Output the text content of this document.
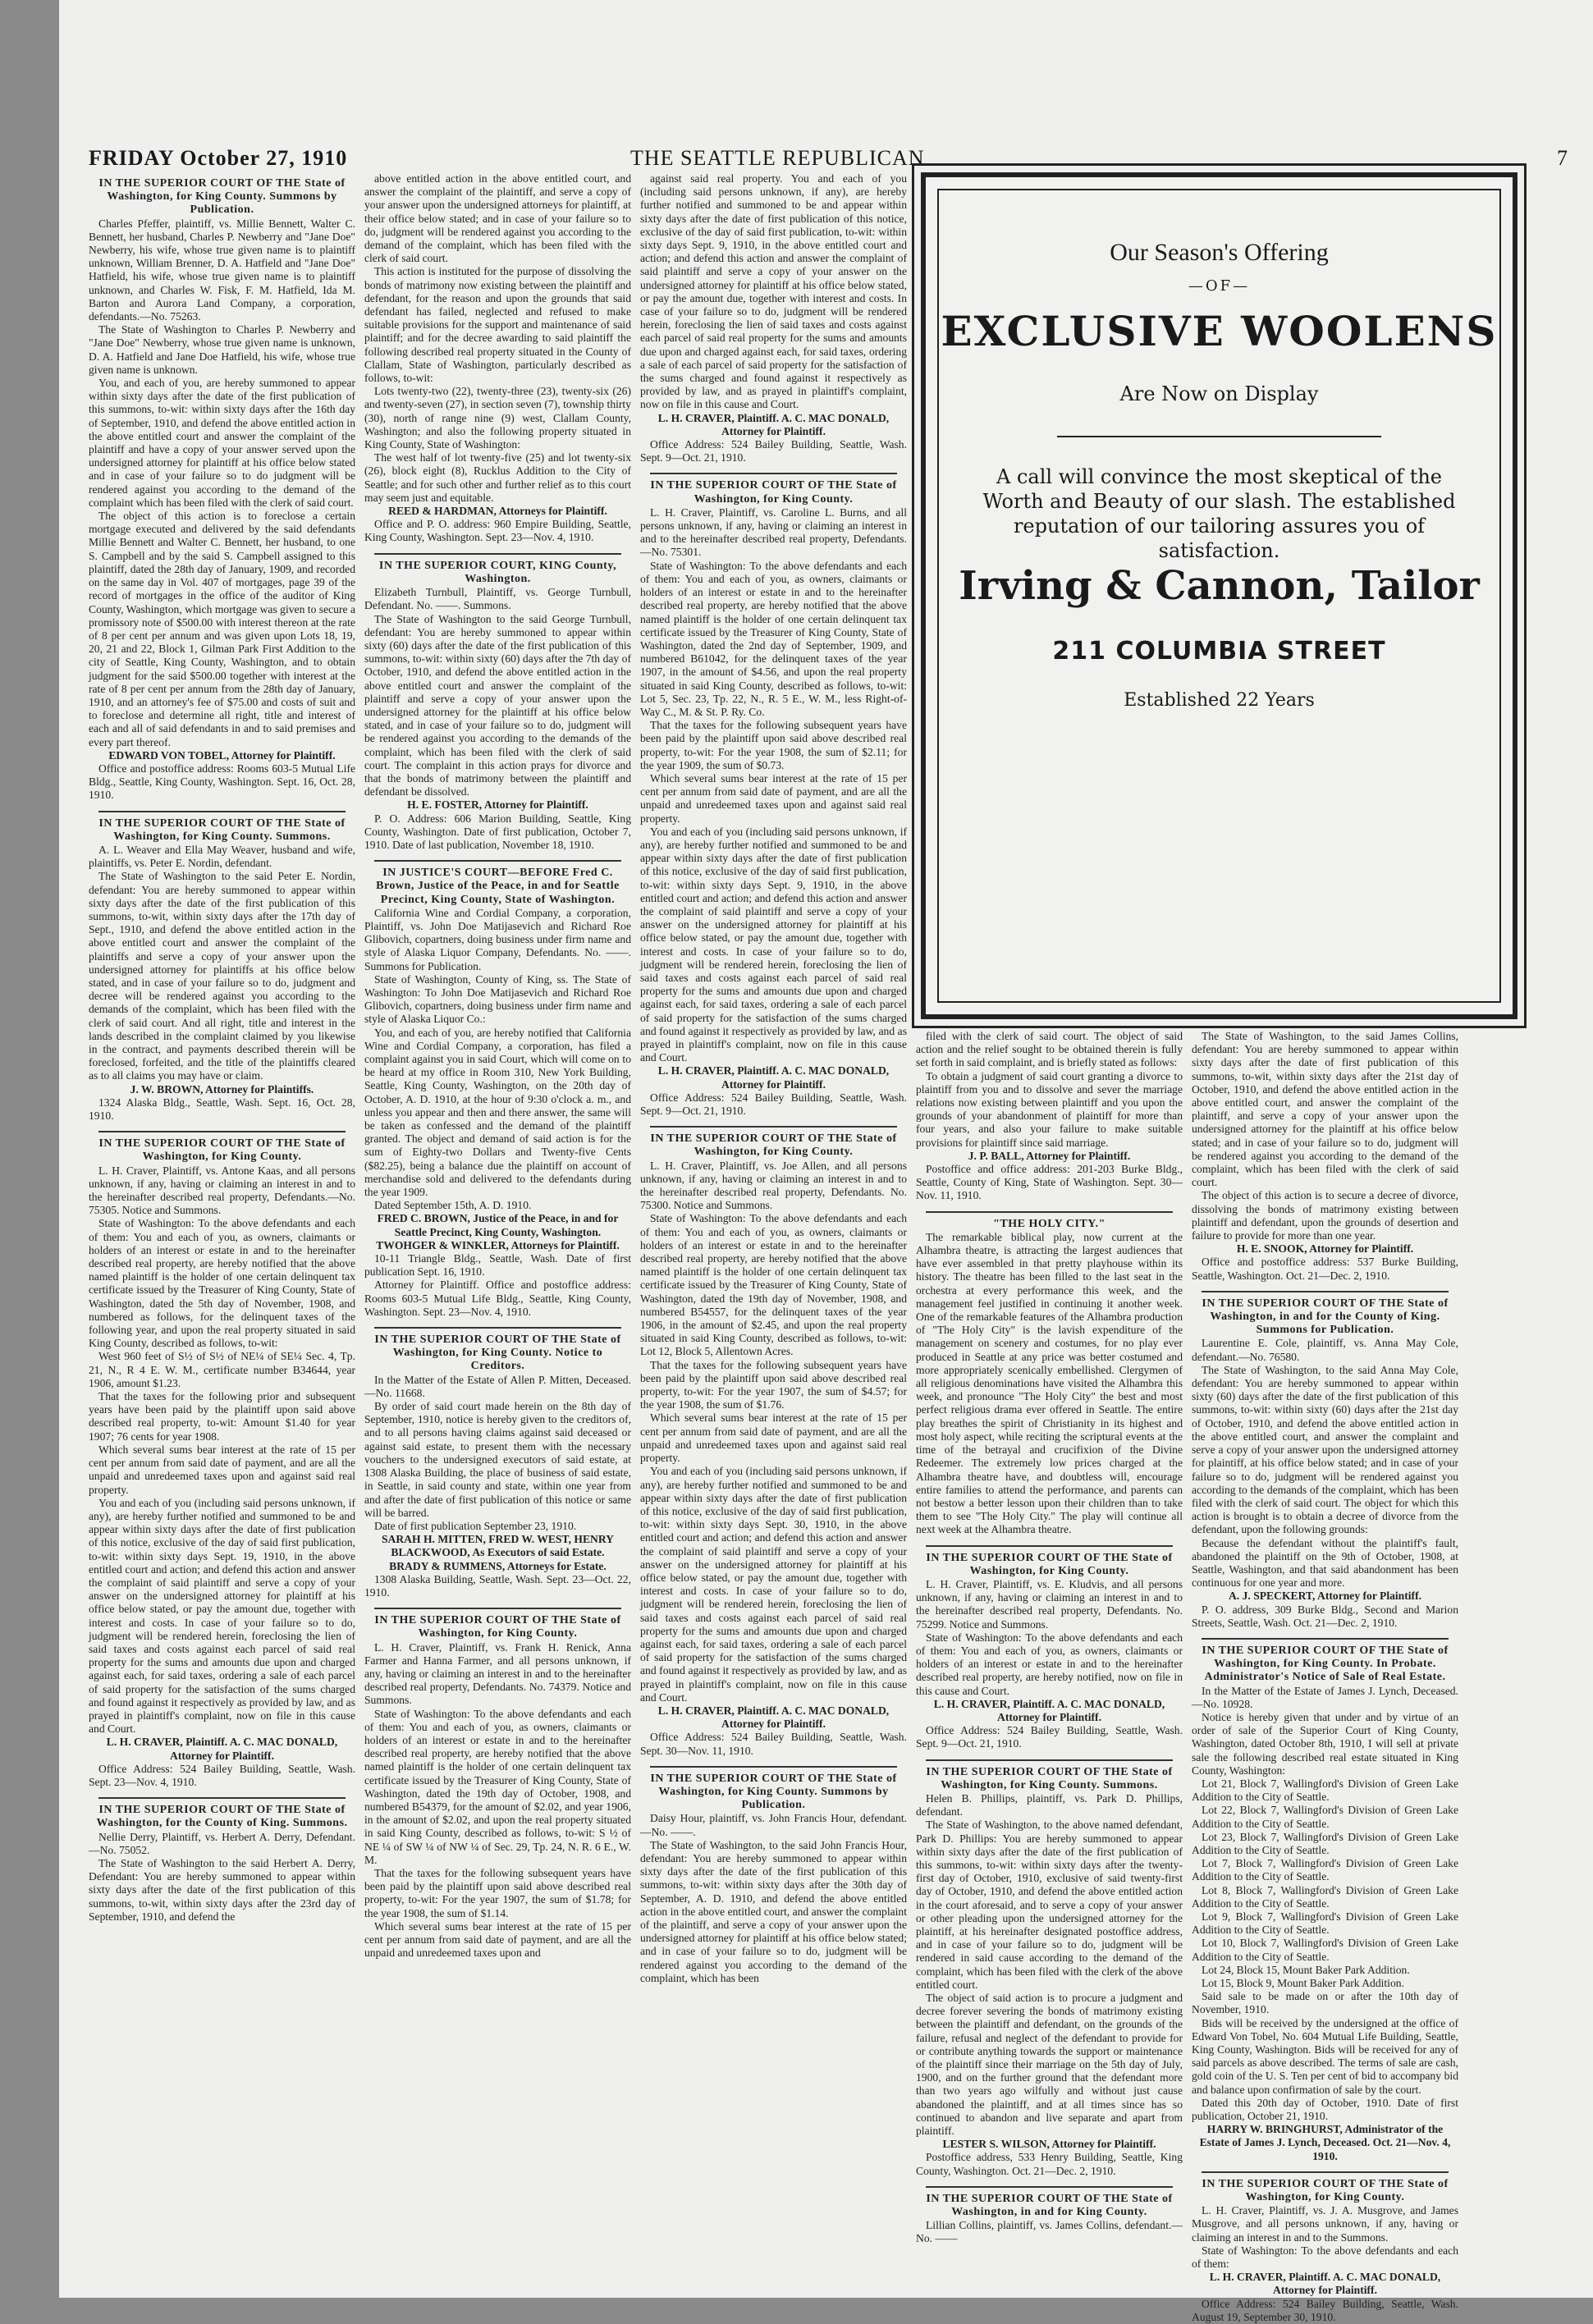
FRIDAY October 27, 1910	THE SEATTLE REPUBLICAN	7

IN THE SUPERIOR COURT OF THE State of Washington, for King County. Summons by Publication.

Charles Pfeffer, plaintiff, vs. Millie Bennett, Walter C. Bennett, her husband, Charles P. Newberry and "Jane Doe" Newberry, his wife, whose true given name is to plaintiff unknown, William Brenner, D. A. Hatfield and "Jane Doe" Hatfield, his wife, whose true given name is to plaintiff unknown, and Charles W. Fisk, F. M. Hatfield, Ida M. Barton and Aurora Land Company, a corporation, defendants.—No. 75263.

The State of Washington to Charles P. Newberry and "Jane Doe" Newberry, whose true given name is unknown, D. A. Hatfield and Jane Doe Hatfield, his wife, whose true given name is unknown.

You, and each of you, are hereby summoned to appear within sixty days after the date of the first publication of this summons, to-wit: within sixty days after the 16th day of September, 1910, and defend the above entitled action in the above entitled court and answer the complaint of the plaintiff and have a copy of your answer served upon the undersigned attorney for plaintiff at his office below stated and in case of your failure so to do judgment will be rendered against you according to the demand of the complaint which has been filed with the clerk of said court.

The object of this action is to foreclose a certain mortgage executed and delivered by the said defendants Millie Bennett and Walter C. Bennett, her husband, to one S. Campbell and by the said S. Campbell assigned to this plaintiff, dated the 28th day of January, 1909, and recorded on the same day in Vol. 407 of mortgages, page 39 of the record of mortgages in the office of the auditor of King County, Washington, which mortgage was given to secure a promissory note of $500.00 with interest thereon at the rate of 8 per cent per annum and was given upon Lots 18, 19, 20, 21 and 22, Block 1, Gilman Park First Addition to the city of Seattle, King County, Washington, and to obtain judgment for the said $500.00 together with interest at the rate of 8 per cent per annum from the 28th day of January, 1910, and an attorney's fee of $75.00 and costs of suit and to foreclose and determine all right, title and interest of each and all of said defendants in and to said premises and every part thereof.

EDWARD VON TOBEL, Attorney for Plaintiff.

Office and postoffice address: Rooms 603-5 Mutual Life Bldg., Seattle, King County, Washington. Sept. 16, Oct. 28, 1910.

IN THE SUPERIOR COURT OF THE State of Washington, for King County. Summons.

A. L. Weaver and Ella May Weaver, husband and wife, plaintiffs, vs. Peter E. Nordin, defendant.

The State of Washington to the said Peter E. Nordin, defendant: You are hereby summoned to appear within sixty days after the date of the first publication of this summons, to-wit, within sixty days after the 17th day of Sept., 1910, and defend the above entitled action in the above entitled court and answer the complaint of the plaintiffs and serve a copy of your answer upon the undersigned attorney for plaintiffs at his office below stated, and in case of your failure so to do, judgment and decree will be rendered against you according to the demands of the complaint, which has been filed with the clerk of said court. And all right, title and interest in the lands described in the complaint claimed by you likewise in the contract, and payments described therein will be foreclosed, forfeited, and the title of the plaintiffs cleared as to all claims you may have or claim.

J. W. BROWN, Attorney for Plaintiffs.

1324 Alaska Bldg., Seattle, Wash. Sept. 16, Oct. 28, 1910.

IN THE SUPERIOR COURT OF THE State of Washington, for King County.

L. H. Craver, Plaintiff, vs. Antone Kaas, and all persons unknown, if any, having or claiming an interest in and to the hereinafter described real property, Defendants.—No. 75305. Notice and Summons.

State of Washington: To the above defendants and each of them: You and each of you, as owners, claimants or holders of an interest or estate in and to the hereinafter described real property, are hereby notified that the above named plaintiff is the holder of one certain delinquent tax certificate issued by the Treasurer of King County, State of Washington, dated the 5th day of November, 1908, and numbered as follows, for the delinquent taxes of the following year, and upon the real property situated in said King County, described as follows, to-wit:

West 960 feet of S½ of S½ of NE¼ of SE¼ Sec. 4, Tp. 21, N., R 4 E. W. M., certificate number B34644, year 1906, amount $1.23.

That the taxes for the following prior and subsequent years have been paid by the plaintiff upon said above described real property, to-wit: Amount $1.40 for year 1907; 76 cents for year 1908.

Which several sums bear interest at the rate of 15 per cent per annum from said date of payment, and are all the unpaid and unredeemed taxes upon and against said real property.

You and each of you (including said persons unknown, if any), are hereby further notified and summoned to be and appear within sixty days after the date of first publication of this notice, exclusive of the day of said first publication, to-wit: within sixty days Sept. 19, 1910, in the above entitled court and action; and defend this action and answer the complaint of said plaintiff and serve a copy of your answer on the undersigned attorney for plaintiff at his office below stated, or pay the amount due, together with interest and costs. In case of your failure so to do, judgment will be rendered herein, foreclosing the lien of said taxes and costs against each parcel of said real property for the sums and amounts due upon and charged against each, for said taxes, ordering a sale of each parcel of said property for the satisfaction of the sums charged and found against it respectively as provided by law, and as prayed in plaintiff's complaint, now on file in this cause and Court.

L. H. CRAVER, Plaintiff. A. C. MAC DONALD, Attorney for Plaintiff.

Office Address: 524 Bailey Building, Seattle, Wash. Sept. 23—Nov. 4, 1910.

IN THE SUPERIOR COURT OF THE State of Washington, for the County of King. Summons.

Nellie Derry, Plaintiff, vs. Herbert A. Derry, Defendant.—No. 75052.

The State of Washington to the said Herbert A. Derry, Defendant: You are hereby summoned to appear within sixty days after the date of the first publication of this summons, to-wit, within sixty days after the 23rd day of September, 1910, and defend the

above entitled action in the above entitled court, and answer the complaint of the plaintiff, and serve a copy of your answer upon the undersigned attorneys for plaintiff, at their office below stated; and in case of your failure so to do, judgment will be rendered against you according to the demand of the complaint, which has been filed with the clerk of said court.

This action is instituted for the purpose of dissolving the bonds of matrimony now existing between the plaintiff and defendant, for the reason and upon the grounds that said defendant has failed, neglected and refused to make suitable provisions for the support and maintenance of said plaintiff; and for the decree awarding to said plaintiff the following described real property situated in the County of Clallam, State of Washington, particularly described as follows, to-wit:

Lots twenty-two (22), twenty-three (23), twenty-six (26) and twenty-seven (27), in section seven (7), township thirty (30), north of range nine (9) west, Clallam County, Washington; and also the following property situated in King County, State of Washington:

The west half of lot twenty-five (25) and lot twenty-six (26), block eight (8), Rucklus Addition to the City of Seattle; and for such other and further relief as to this court may seem just and equitable.

REED & HARDMAN, Attorneys for Plaintiff.

Office and P. O. address: 960 Empire Building, Seattle, King County, Washington. Sept. 23—Nov. 4, 1910.

IN THE SUPERIOR COURT, KING County, Washington.

Elizabeth Turnbull, Plaintiff, vs. George Turnbull, Defendant. No. ——. Summons.

The State of Washington to the said George Turnbull, defendant: You are hereby summoned to appear within sixty (60) days after the date of the first publication of this summons, to-wit: within sixty (60) days after the 7th day of October, 1910, and defend the above entitled action in the above entitled court and answer the complaint of the plaintiff and serve a copy of your answer upon the undersigned attorney for the plaintiff at his office below stated, and in case of your failure so to do, judgment will be rendered against you according to the demands of the complaint, which has been filed with the clerk of said court. The complaint in this action prays for divorce and that the bonds of matrimony between the plaintiff and defendant be dissolved.

H. E. FOSTER, Attorney for Plaintiff.

P. O. Address: 606 Marion Building, Seattle, King County, Washington. Date of first publication, October 7, 1910. Date of last publication, November 18, 1910.

IN JUSTICE'S COURT—BEFORE Fred C. Brown, Justice of the Peace, in and for Seattle Precinct, King County, State of Washington.

California Wine and Cordial Company, a corporation, Plaintiff, vs. John Doe Matijasevich and Richard Roe Glibovich, copartners, doing business under firm name and style of Alaska Liquor Company, Defendants. No. ——. Summons for Publication.

State of Washington, County of King, ss. The State of Washington: To John Doe Matijasevich and Richard Roe Glibovich, copartners, doing business under firm name and style of Alaska Liquor Co.:

You, and each of you, are hereby notified that California Wine and Cordial Company, a corporation, has filed a complaint against you in said Court, which will come on to be heard at my office in Room 310, New York Building, Seattle, King County, Washington, on the 20th day of October, A. D. 1910, at the hour of 9:30 o'clock a. m., and unless you appear and then and there answer, the same will be taken as confessed and the demand of the plaintiff granted. The object and demand of said action is for the sum of Eighty-two Dollars and Twenty-five Cents ($82.25), being a balance due the plaintiff on account of merchandise sold and delivered to the defendants during the year 1909.

Dated September 15th, A. D. 1910.

FRED C. BROWN, Justice of the Peace, in and for Seattle Precinct, King County, Washington.

TWOHGER & WINKLER, Attorneys for Plaintiff.

10-11 Triangle Bldg., Seattle, Wash. Date of first publication Sept. 16, 1910.

Attorney for Plaintiff. Office and postoffice address: Rooms 603-5 Mutual Life Bldg., Seattle, King County, Washington. Sept. 23—Nov. 4, 1910.

IN THE SUPERIOR COURT OF THE State of Washington, for King County. Notice to Creditors.

In the Matter of the Estate of Allen P. Mitten, Deceased.—No. 11668.

By order of said court made herein on the 8th day of September, 1910, notice is hereby given to the creditors of, and to all persons having claims against said deceased or against said estate, to present them with the necessary vouchers to the undersigned executors of said estate, at 1308 Alaska Building, the place of business of said estate, in Seattle, in said county and state, within one year from and after the date of first publication of this notice or same will be barred.

Date of first publication September 23, 1910.

SARAH H. MITTEN, FRED W. WEST, HENRY BLACKWOOD, As Executors of said Estate.

BRADY & RUMMENS, Attorneys for Estate.

1308 Alaska Building, Seattle, Wash. Sept. 23—Oct. 22, 1910.

IN THE SUPERIOR COURT OF THE State of Washington, for King County.

L. H. Craver, Plaintiff, vs. Frank H. Renick, Anna Farmer and Hanna Farmer, and all persons unknown, if any, having or claiming an interest in and to the hereinafter described real property, Defendants. No. 74379. Notice and Summons.

State of Washington: To the above defendants and each of them: You and each of you, as owners, claimants or holders of an interest or estate in and to the hereinafter described real property, are hereby notified that the above named plaintiff is the holder of one certain delinquent tax certificate issued by the Treasurer of King County, State of Washington, dated the 19th day of October, 1908, and numbered B54379, for the amount of $2.02, and year 1906, in the amount of $2.02, and upon the real property situated in said King County, described as follows, to-wit: S ½ of NE ¼ of SW ¼ of NW ¼ of Sec. 29, Tp. 24, N. R. 6 E., W. M.

That the taxes for the following subsequent years have been paid by the plaintiff upon said above described real property, to-wit: For the year 1907, the sum of $1.78; for the year 1908, the sum of $1.14.

Which several sums bear interest at the rate of 15 per cent per annum from said date of payment, and are all the unpaid and unredeemed taxes upon and

against said real property. You and each of you (including said persons unknown, if any), are hereby further notified and summoned to be and appear within sixty days after the date of first publication of this notice, exclusive of the day of said first publication, to-wit: within sixty days Sept. 9, 1910, in the above entitled court and action; and defend this action and answer the complaint of said plaintiff and serve a copy of your answer on the undersigned attorney for plaintiff at his office below stated, or pay the amount due, together with interest and costs. In case of your failure so to do, judgment will be rendered herein, foreclosing the lien of said taxes and costs against each parcel of said real property for the sums and amounts due upon and charged against each, for said taxes, ordering a sale of each parcel of said property for the satisfaction of the sums charged and found against it respectively as provided by law, and as prayed in plaintiff's complaint, now on file in this cause and Court.

L. H. CRAVER, Plaintiff. A. C. MAC DONALD, Attorney for Plaintiff.

Office Address: 524 Bailey Building, Seattle, Wash. Sept. 9—Oct. 21, 1910.

IN THE SUPERIOR COURT OF THE State of Washington, for King County.

L. H. Craver, Plaintiff, vs. Caroline L. Burns, and all persons unknown, if any, having or claiming an interest in and to the hereinafter described real property, Defendants.—No. 75301.

State of Washington: To the above defendants and each of them: You and each of you, as owners, claimants or holders of an interest or estate in and to the hereinafter described real property, are hereby notified that the above named plaintiff is the holder of one certain delinquent tax certificate issued by the Treasurer of King County, State of Washington, dated the 2nd day of September, 1909, and numbered B61042, for the delinquent taxes of the year 1907, in the amount of $4.56, and upon the real property situated in said King County, described as follows, to-wit: Lot 5, Sec. 23, Tp. 22, N., R. 5 E., W. M., less Right-of-Way C., M. & St. P. Ry. Co.

That the taxes for the following subsequent years have been paid by the plaintiff upon said above described real property, to-wit: For the year 1908, the sum of $2.11; for the year 1909, the sum of $0.73.

Which several sums bear interest at the rate of 15 per cent per annum from said date of payment, and are all the unpaid and unredeemed taxes upon and against said real property.

You and each of you (including said persons unknown, if any), are hereby further notified and summoned to be and appear within sixty days after the date of first publication of this notice, exclusive of the day of said first publication, to-wit: within sixty days Sept. 9, 1910, in the above entitled court and action; and defend this action and answer the complaint of said plaintiff and serve a copy of your answer on the undersigned attorney for plaintiff at his office below stated, or pay the amount due, together with interest and costs. In case of your failure so to do, judgment will be rendered herein, foreclosing the lien of said taxes and costs against each parcel of said real property for the sums and amounts due upon and charged against each, for said taxes, ordering a sale of each parcel of said property for the satisfaction of the sums charged and found against it respectively as provided by law, and as prayed in plaintiff's complaint, now on file in this cause and Court.

L. H. CRAVER, Plaintiff. A. C. MAC DONALD, Attorney for Plaintiff.

Office Address: 524 Bailey Building, Seattle, Wash. Sept. 9—Oct. 21, 1910.

IN THE SUPERIOR COURT OF THE State of Washington, for King County.

L. H. Craver, Plaintiff, vs. Joe Allen, and all persons unknown, if any, having or claiming an interest in and to the hereinafter described real property, Defendants. No. 75300. Notice and Summons.

State of Washington: To the above defendants and each of them: You and each of you, as owners, claimants or holders of an interest or estate in and to the hereinafter described real property, are hereby notified that the above named plaintiff is the holder of one certain delinquent tax certificate issued by the Treasurer of King County, State of Washington, dated the 19th day of November, 1908, and numbered B54557, for the delinquent taxes of the year 1906, in the amount of $2.45, and upon the real property situated in said King County, described as follows, to-wit: Lot 12, Block 5, Allentown Acres.

That the taxes for the following subsequent years have been paid by the plaintiff upon said above described real property, to-wit: For the year 1907, the sum of $4.57; for the year 1908, the sum of $1.76.

Which several sums bear interest at the rate of 15 per cent per annum from said date of payment, and are all the unpaid and unredeemed taxes upon and against said real property.

You and each of you (including said persons unknown, if any), are hereby further notified and summoned to be and appear within sixty days after the date of first publication of this notice, exclusive of the day of said first publication, to-wit: within sixty days Sept. 30, 1910, in the above entitled court and action; and defend this action and answer the complaint of said plaintiff and serve a copy of your answer on the undersigned attorney for plaintiff at his office below stated, or pay the amount due, together with interest and costs. In case of your failure so to do, judgment will be rendered herein, foreclosing the lien of said taxes and costs against each parcel of said real property for the sums and amounts due upon and charged against each, for said taxes, ordering a sale of each parcel of said property for the satisfaction of the sums charged and found against it respectively as provided by law, and as prayed in plaintiff's complaint, now on file in this cause and Court.

L. H. CRAVER, Plaintiff. A. C. MAC DONALD, Attorney for Plaintiff.

Office Address: 524 Bailey Building, Seattle, Wash. Sept. 30—Nov. 11, 1910.

IN THE SUPERIOR COURT OF THE State of Washington, for King County. Summons by Publication.

Daisy Hour, plaintiff, vs. John Francis Hour, defendant.—No. ——.

The State of Washington, to the said John Francis Hour, defendant: You are hereby summoned to appear within sixty days after the date of the first publication of this summons, to-wit: within sixty days after the 30th day of September, A. D. 1910, and defend the above entitled action in the above entitled court, and answer the complaint of the plaintiff, and serve a copy of your answer upon the undersigned attorney for plaintiff at his office below stated; and in case of your failure so to do, judgment will be rendered against you according to the demand of the complaint, which has been

filed with the clerk of said court. The object of said action and the relief sought to be obtained therein is fully set forth in said complaint, and is briefly stated as follows:

To obtain a judgment of said court granting a divorce to plaintiff from you and to dissolve and sever the marriage relations now existing between plaintiff and you upon the grounds of your abandonment of plaintiff for more than four years, and also your failure to make suitable provisions for plaintiff since said marriage.

J. P. BALL, Attorney for Plaintiff.

Postoffice and office address: 201-203 Burke Bldg., Seattle, County of King, State of Washington. Sept. 30—Nov. 11, 1910.

"THE HOLY CITY."

The remarkable biblical play, now current at the Alhambra theatre, is attracting the largest audiences that have ever assembled in that pretty playhouse within its history. The theatre has been filled to the last seat in the orchestra at every performance this week, and the management feel justified in continuing it another week. One of the remarkable features of the Alhambra production of "The Holy City" is the lavish expenditure of the management on scenery and costumes, for no play ever produced in Seattle at any price was better costumed and more appropriately scenically embellished. Clergymen of all religious denominations have visited the Alhambra this week, and pronounce "The Holy City" the best and most perfect religious drama ever offered in Seattle. The entire play breathes the spirit of Christianity in its highest and most holy aspect, while reciting the scriptural events at the time of the betrayal and crucifixion of the Divine Redeemer. The extremely low prices charged at the Alhambra theatre have, and doubtless will, encourage entire families to attend the performance, and parents can not bestow a better lesson upon their children than to take them to see "The Holy City." The play will continue all next week at the Alhambra theatre.

IN THE SUPERIOR COURT OF THE State of Washington, for King County.

L. H. Craver, Plaintiff, vs. E. Kludvis, and all persons unknown, if any, having or claiming an interest in and to the hereinafter described real property, Defendants. No. 75299. Notice and Summons.

State of Washington: To the above defendants and each of them: You and each of you, as owners, claimants or holders of an interest or estate in and to the hereinafter described real property, are hereby notified, now on file in this cause and Court.

L. H. CRAVER, Plaintiff. A. C. MAC DONALD, Attorney for Plaintiff.

Office Address: 524 Bailey Building, Seattle, Wash. Sept. 9—Oct. 21, 1910.

IN THE SUPERIOR COURT OF THE State of Washington, for King County. Summons.

Helen B. Phillips, plaintiff, vs. Park D. Phillips, defendant.

The State of Washington, to the above named defendant, Park D. Phillips: You are hereby summoned to appear within sixty days after the date of the first publication of this summons, to-wit: within sixty days after the twenty-first day of October, 1910, exclusive of said twenty-first day of October, 1910, and defend the above entitled action in the court aforesaid, and to serve a copy of your answer or other pleading upon the undersigned attorney for the plaintiff, at his hereinafter designated postoffice address, and in case of your failure so to do, judgment will be rendered in said cause according to the demand of the complaint, which has been filed with the clerk of the above entitled court.

The object of said action is to procure a judgment and decree forever severing the bonds of matrimony existing between the plaintiff and defendant, on the grounds of the failure, refusal and neglect of the defendant to provide for or contribute anything towards the support or maintenance of the plaintiff since their marriage on the 5th day of July, 1900, and on the further ground that the defendant more than two years ago wilfully and without just cause abandoned the plaintiff, and at all times since has so continued to abandon and live separate and apart from plaintiff.

LESTER S. WILSON, Attorney for Plaintiff.

Postoffice address, 533 Henry Building, Seattle, King County, Washington. Oct. 21—Dec. 2, 1910.

IN THE SUPERIOR COURT OF THE State of Washington, in and for King County.

Lillian Collins, plaintiff, vs. James Collins, defendant.—No. ——

The State of Washington, to the said James Collins, defendant: You are hereby summoned to appear within sixty days after the date of first publication of this summons, to-wit, within sixty days after the 21st day of October, 1910, and defend the above entitled action in the above entitled court, and answer the complaint of the plaintiff, and serve a copy of your answer upon the undersigned attorney for the plaintiff at his office below stated; and in case of your failure so to do, judgment will be rendered against you according to the demand of the complaint, which has been filed with the clerk of said court.

The object of this action is to secure a decree of divorce, dissolving the bonds of matrimony existing between plaintiff and defendant, upon the grounds of desertion and failure to provide for more than one year.

H. E. SNOOK, Attorney for Plaintiff.

Office and postoffice address: 537 Burke Building, Seattle, Washington. Oct. 21—Dec. 2, 1910.

IN THE SUPERIOR COURT OF THE State of Washington, in and for the County of King. Summons for Publication.

Laurentine E. Cole, plaintiff, vs. Anna May Cole, defendant.—No. 76580.

The State of Washington, to the said Anna May Cole, defendant: You are hereby summoned to appear within sixty (60) days after the date of the first publication of this summons, to-wit: within sixty (60) days after the 21st day of October, 1910, and defend the above entitled action in the above entitled court, and answer the complaint and serve a copy of your answer upon the undersigned attorney for plaintiff, at his office below stated; and in case of your failure so to do, judgment will be rendered against you according to the demands of the complaint, which has been filed with the clerk of said court. The object for which this action is brought is to obtain a decree of divorce from the defendant, upon the following grounds:

Because the defendant without the plaintiff's fault, abandoned the plaintiff on the 9th of October, 1908, at Seattle, Washington, and that said abandonment has been continuous for one year and more.

A. J. SPECKERT, Attorney for Plaintiff.

P. O. address, 309 Burke Bldg., Second and Marion Streets, Seattle, Wash. Oct. 21—Dec. 2, 1910.

IN THE SUPERIOR COURT OF THE State of Washington, for King County. In Probate. Administrator's Notice of Sale of Real Estate.

In the Matter of the Estate of James J. Lynch, Deceased.—No. 10928.

Notice is hereby given that under and by virtue of an order of sale of the Superior Court of King County, Washington, dated October 8th, 1910, I will sell at private sale the following described real estate situated in King County, Washington:

Lot 21, Block 7, Wallingford's Division of Green Lake Addition to the City of Seattle.

Lot 22, Block 7, Wallingford's Division of Green Lake Addition to the City of Seattle.

Lot 23, Block 7, Wallingford's Division of Green Lake Addition to the City of Seattle.

Lot 7, Block 7, Wallingford's Division of Green Lake Addition to the City of Seattle.

Lot 8, Block 7, Wallingford's Division of Green Lake Addition to the City of Seattle.

Lot 9, Block 7, Wallingford's Division of Green Lake Addition to the City of Seattle.

Lot 10, Block 7, Wallingford's Division of Green Lake Addition to the City of Seattle.

Lot 24, Block 15, Mount Baker Park Addition.

Lot 15, Block 9, Mount Baker Park Addition.

Said sale to be made on or after the 10th day of November, 1910.

Bids will be received by the undersigned at the office of Edward Von Tobel, No. 604 Mutual Life Building, Seattle, King County, Washington. Bids will be received for any of said parcels as above described. The terms of sale are cash, gold coin of the U. S. Ten per cent of bid to accompany bid and balance upon confirmation of sale by the court.

Dated this 20th day of October, 1910. Date of first publication, October 21, 1910.

HARRY W. BRINGHURST, Administrator of the Estate of James J. Lynch, Deceased. Oct. 21—Nov. 4, 1910.

IN THE SUPERIOR COURT OF THE State of Washington, for King County.

L. H. Craver, Plaintiff, vs. J. A. Musgrove, and James Musgrove, and all persons unknown, if any, having or claiming an interest in and to the Summons.

State of Washington: To the above defendants and each of them:

L. H. CRAVER, Plaintiff. A. C. MAC DONALD, Attorney for Plaintiff.

Office Address: 524 Bailey Building, Seattle, Wash. August 19, September 30, 1910.

Our Season's Offering
—OF—
EXCLUSIVE WOOLENS
Are Now on Display
A call will convince the most skeptical of the Worth and Beauty of our slash. The established reputation of our tailoring assures you of satisfaction.
Irving & Cannon, Tailor
211 COLUMBIA STREET
Established 22 Years
